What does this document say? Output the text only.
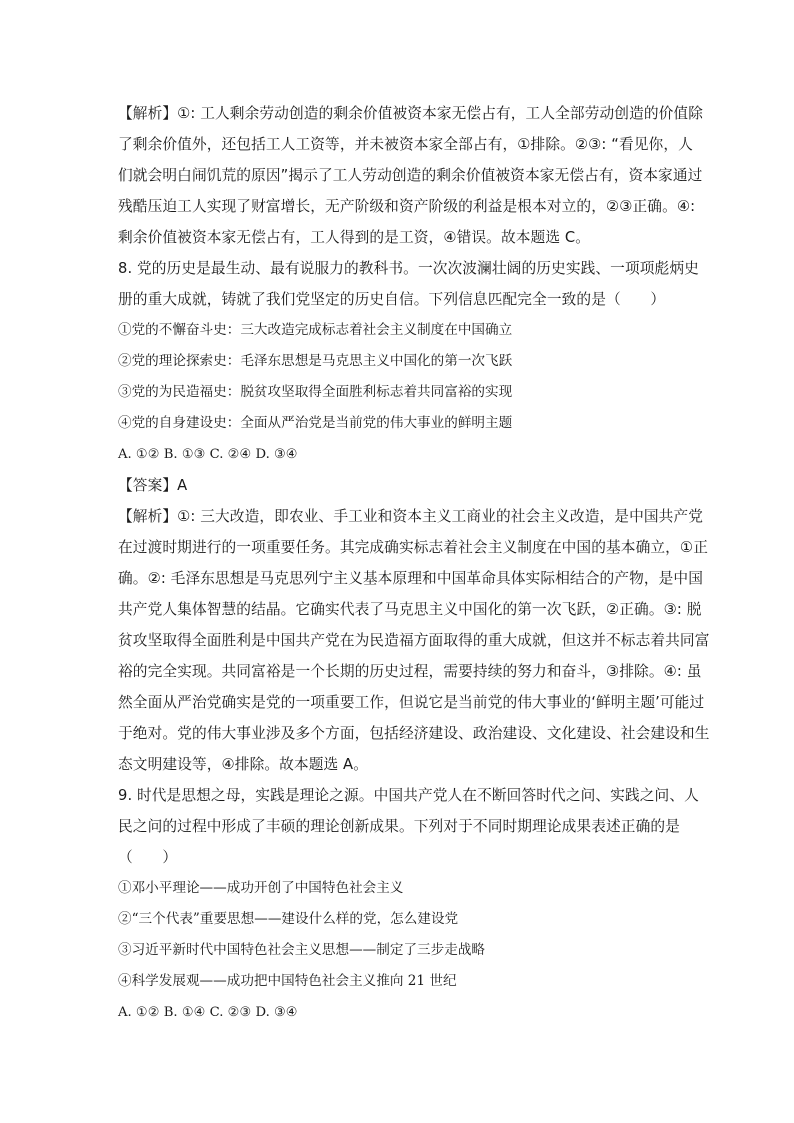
【解析】①: 工人剩余劳动创造的剩余价值被资本家无偿占有，工人全部劳动创造的价值除
了剩余价值外，还包括工人工资等，并未被资本家全部占有，①排除。②③: “看见你，人
们就会明白闹饥荒的原因”揭示了工人劳动创造的剩余价值被资本家无偿占有，资本家通过
残酷压迫工人实现了财富增长，无产阶级和资产阶级的利益是根本对立的，②③正确。④:
剩余价值被资本家无偿占有，工人得到的是工资，④错误。故本题选 C。
8. 党的历史是最生动、最有说服力的教科书。一次次波澜壮阔的历史实践、一项项彪炳史
册的重大成就，铸就了我们党坚定的历史自信。下列信息匹配完全一致的是（　　）
①党的不懈奋斗史：三大改造完成标志着社会主义制度在中国确立
②党的理论探索史：毛泽东思想是马克思主义中国化的第一次飞跃
③党的为民造福史：脱贫攻坚取得全面胜利标志着共同富裕的实现
④党的自身建设史：全面从严治党是当前党的伟大事业的鲜明主题
A. ①② B. ①③ C. ②④ D. ③④
【答案】A
【解析】①: 三大改造，即农业、手工业和资本主义工商业的社会主义改造，是中国共产党
在过渡时期进行的一项重要任务。其完成确实标志着社会主义制度在中国的基本确立，①正
确。②: 毛泽东思想是马克思列宁主义基本原理和中国革命具体实际相结合的产物，是中国
共产党人集体智慧的结晶。它确实代表了马克思主义中国化的第一次飞跃，②正确。③: 脱
贫攻坚取得全面胜利是中国共产党在为民造福方面取得的重大成就，但这并不标志着共同富
裕的完全实现。共同富裕是一个长期的历史过程，需要持续的努力和奋斗，③排除。④: 虽
然全面从严治党确实是党的一项重要工作，但说它是当前党的伟大事业的‘鲜明主题’可能过
于绝对。党的伟大事业涉及多个方面，包括经济建设、政治建设、文化建设、社会建设和生
态文明建设等，④排除。故本题选 A。
9. 时代是思想之母，实践是理论之源。中国共产党人在不断回答时代之问、实践之问、人
民之问的过程中形成了丰硕的理论创新成果。下列对于不同时期理论成果表述正确的是
（　　）
①邓小平理论——成功开创了中国特色社会主义
②“三个代表”重要思想——建设什么样的党，怎么建设党
③习近平新时代中国特色社会主义思想——制定了三步走战略
④科学发展观——成功把中国特色社会主义推向 21 世纪
A. ①② B. ①④ C. ②③ D. ③④
